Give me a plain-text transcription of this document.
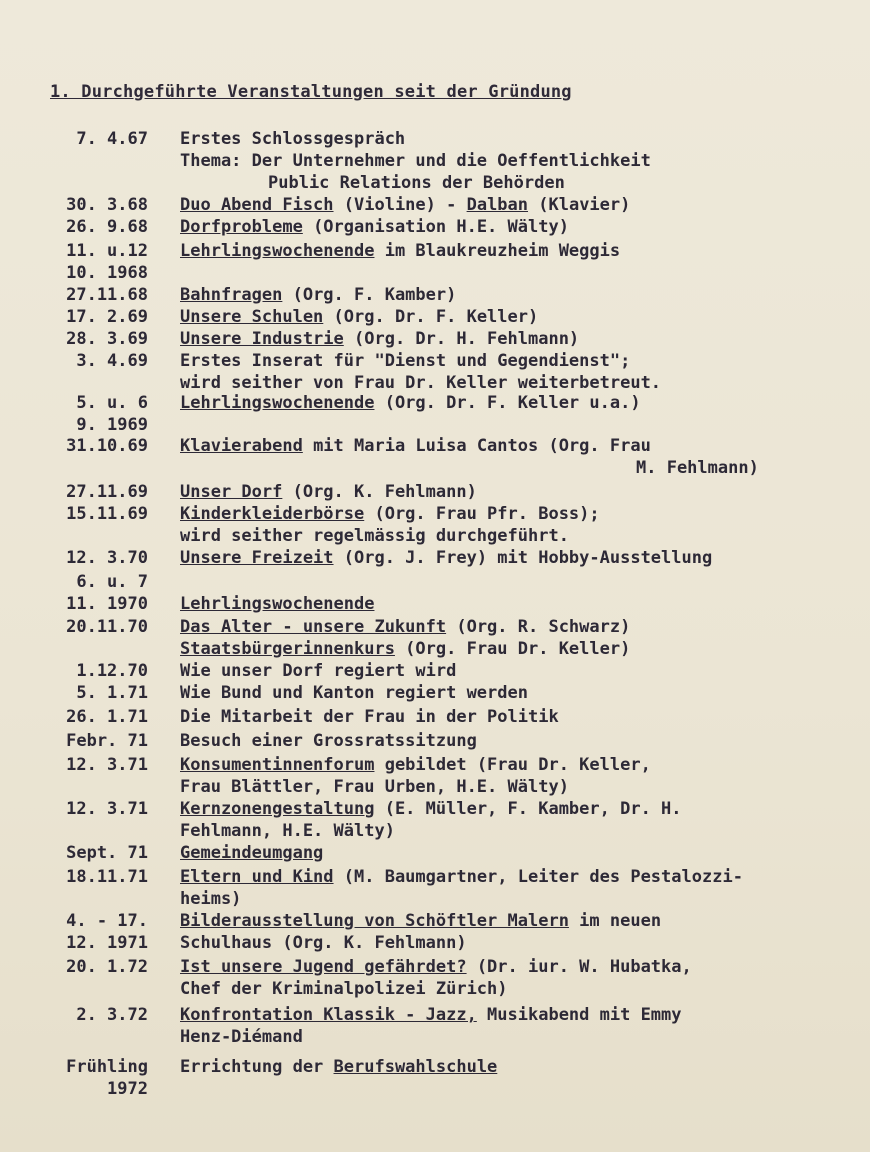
1. Durchgeführte Veranstaltungen seit der Gründung
7. 4.67 Erstes Schlossgespräch
Thema: Der Unternehmer und die Oeffentlichkeit
Public Relations der Behörden
30. 3.68 Duo Abend Fisch (Violine) - Dalban (Klavier)
26. 9.68 Dorfprobleme (Organisation H.E. Wälty)
11. u.12
10. 1968
Lehrlingswochenende im Blaukreuzheim Weggis
27.11.68 Bahnfragen (Org. F. Kamber)
17. 2.69 Unsere Schulen (Org. Dr. F. Keller)
28. 3.69 Unsere Industrie (Org. Dr. H. Fehlmann)
3. 4.69 Erstes Inserat für "Dienst und Gegendienst";
wird seither von Frau Dr. Keller weiterbetreut.
5. u. 6
9. 1969
Lehrlingswochenende (Org. Dr. F. Keller u.a.)
31.10.69 Klavierabend mit Maria Luisa Cantos (Org. Frau
M. Fehlmann)
27.11.69 Unser Dorf (Org. K. Fehlmann)
15.11.69 Kinderkleiderbörse (Org. Frau Pfr. Boss);
wird seither regelmässig durchgeführt.
12. 3.70 Unsere Freizeit (Org. J. Frey) mit Hobby-Ausstellung
6. u. 7
11. 1970
Lehrlingswochenende
20.11.70 Das Alter - unsere Zukunft (Org. R. Schwarz)
Staatsbürgerinnenkurs (Org. Frau Dr. Keller)
1.12.70 Wie unser Dorf regiert wird
5. 1.71 Wie Bund und Kanton regiert werden
26. 1.71 Die Mitarbeit der Frau in der Politik
Febr. 71 Besuch einer Grossratssitzung
12. 3.71 Konsumentinnenforum gebildet (Frau Dr. Keller,
Frau Blättler, Frau Urben, H.E. Wälty)
12. 3.71 Kernzonengestaltung (E. Müller, F. Kamber, Dr. H.
Fehlmann, H.E. Wälty)
Sept. 71 Gemeindeumgang
18.11.71 Eltern und Kind (M. Baumgartner, Leiter des Pestalozzi-
heims)
4. - 17.
12. 1971
Bilderausstellung von Schöftler Malern im neuen
Schulhaus (Org. K. Fehlmann)
20. 1.72 Ist unsere Jugend gefährdet? (Dr. iur. W. Hubatka,
Chef der Kriminalpolizei Zürich)
2. 3.72 Konfrontation Klassik - Jazz, Musikabend mit Emmy
Henz-Diémand
Frühling
1972
Errichtung der Berufswahlschule
